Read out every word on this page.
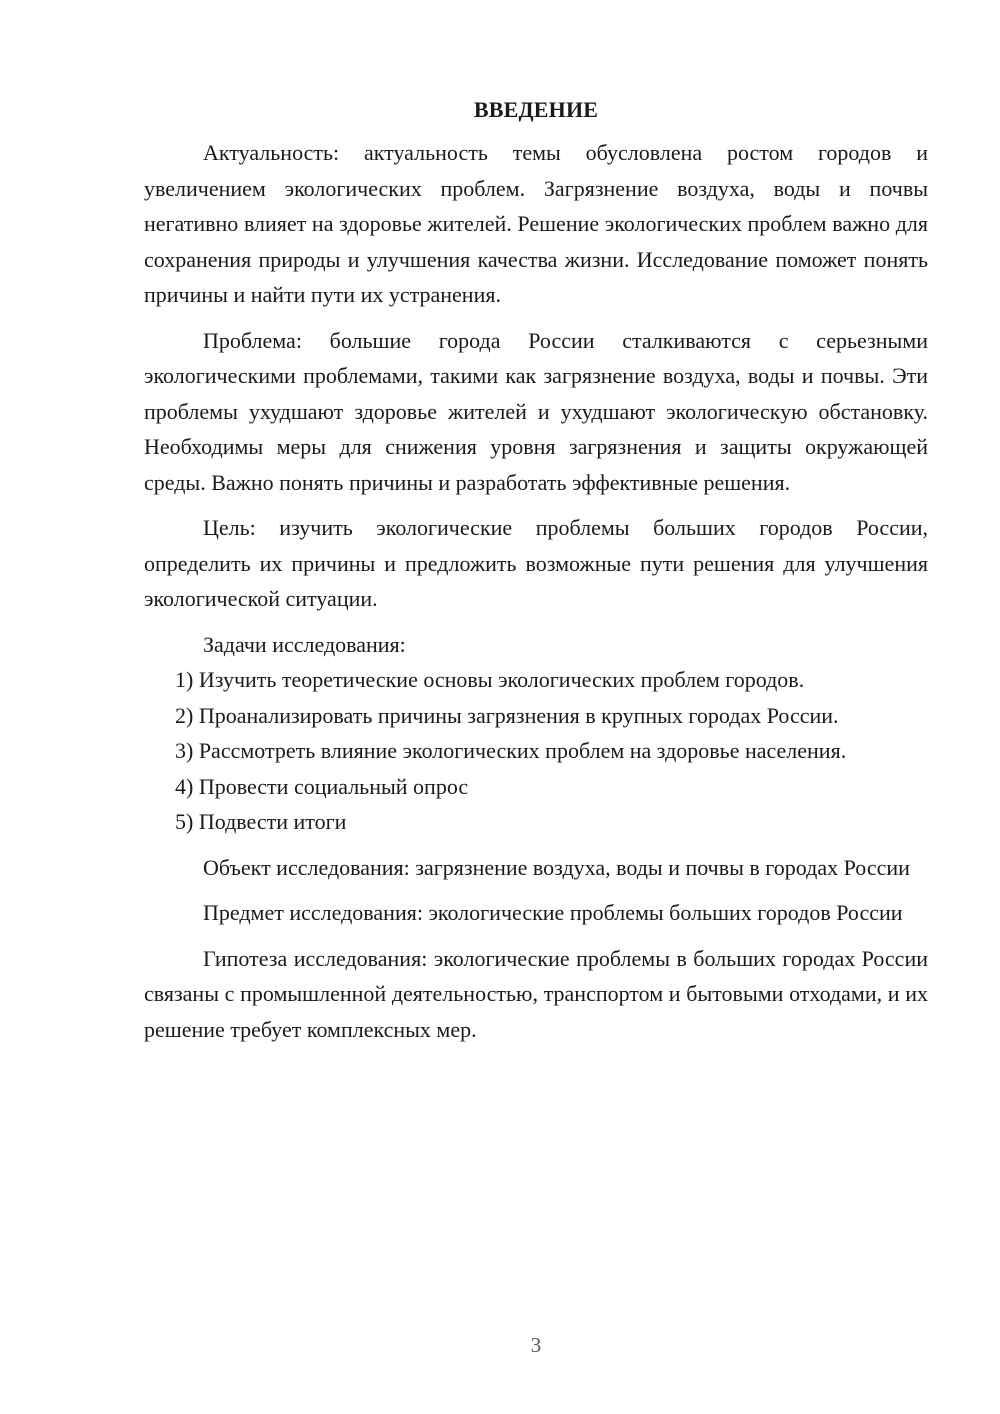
ВВЕДЕНИЕ

Актуальность: актуальность темы обусловлена ростом городов и увеличением экологических проблем. Загрязнение воздуха, воды и почвы негативно влияет на здоровье жителей. Решение экологических проблем важно для сохранения природы и улучшения качества жизни. Исследование поможет понять причины и найти пути их устранения.

Проблема: большие города России сталкиваются с серьезными экологическими проблемами, такими как загрязнение воздуха, воды и почвы. Эти проблемы ухудшают здоровье жителей и ухудшают экологическую обстановку. Необходимы меры для снижения уровня загрязнения и защиты окружающей среды. Важно понять причины и разработать эффективные решения.

Цель: изучить экологические проблемы больших городов России, определить их причины и предложить возможные пути решения для улучшения экологической ситуации.

Задачи исследования:

1) Изучить теоретические основы экологических проблем городов.

2) Проанализировать причины загрязнения в крупных городах России.

3) Рассмотреть влияние экологических проблем на здоровье населения.

4) Провести социальный опрос

5) Подвести итоги

Объект исследования: загрязнение воздуха, воды и почвы в городах России

Предмет исследования: экологические проблемы больших городов России

Гипотеза исследования: экологические проблемы в больших городах России связаны с промышленной деятельностью, транспортом и бытовыми отходами, и их решение требует комплексных мер.

3
